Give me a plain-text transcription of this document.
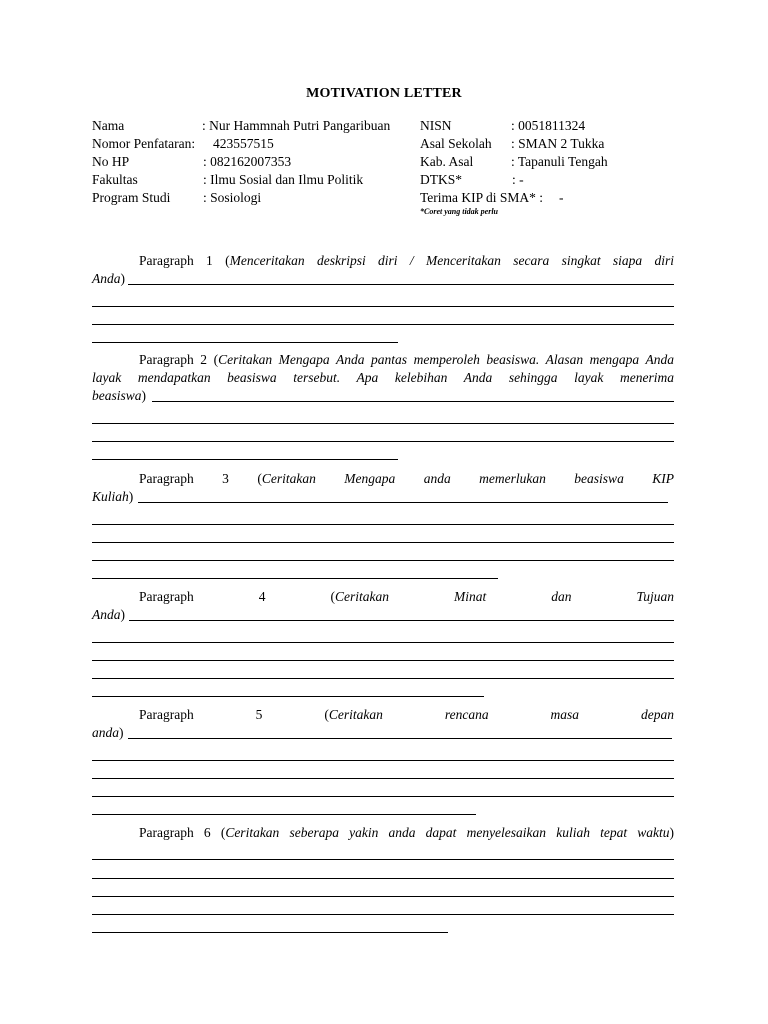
MOTIVATION LETTER
Nama	: Nur Hammnah Putri Pangaribuan
Nomor Penfataran: 423557515
No HP	: 082162007353
Fakultas	: Ilmu Sosial dan Ilmu Politik
Program Studi : Sosiologi
NISN	: 0051811324
Asal Sekolah : SMAN 2 Tukka
Kab. Asal	: Tapanuli Tengah
DTKS*	: -
Terima KIP di SMA* : -
*Coret yang tidak perlu
Paragraph 1 (Menceritakan deskripsi diri / Menceritakan secara singkat siapa diri
Anda)
Paragraph 2 (Ceritakan Mengapa Anda pantas memperoleh beasiswa. Alasan mengapa Anda
layak mendapatkan beasiswa tersebut. Apa kelebihan Anda sehingga layak menerima
beasiswa)
Paragraph 3 (Ceritakan Mengapa anda memerlukan beasiswa KIP
Kuliah)
Paragraph 4	(Ceritakan Minat dan Tujuan
Anda)
Paragraph 5	(Ceritakan rencana masa depan
anda)
Paragraph 6 (Ceritakan seberapa yakin anda dapat menyelesaikan kuliah tepat waktu)
